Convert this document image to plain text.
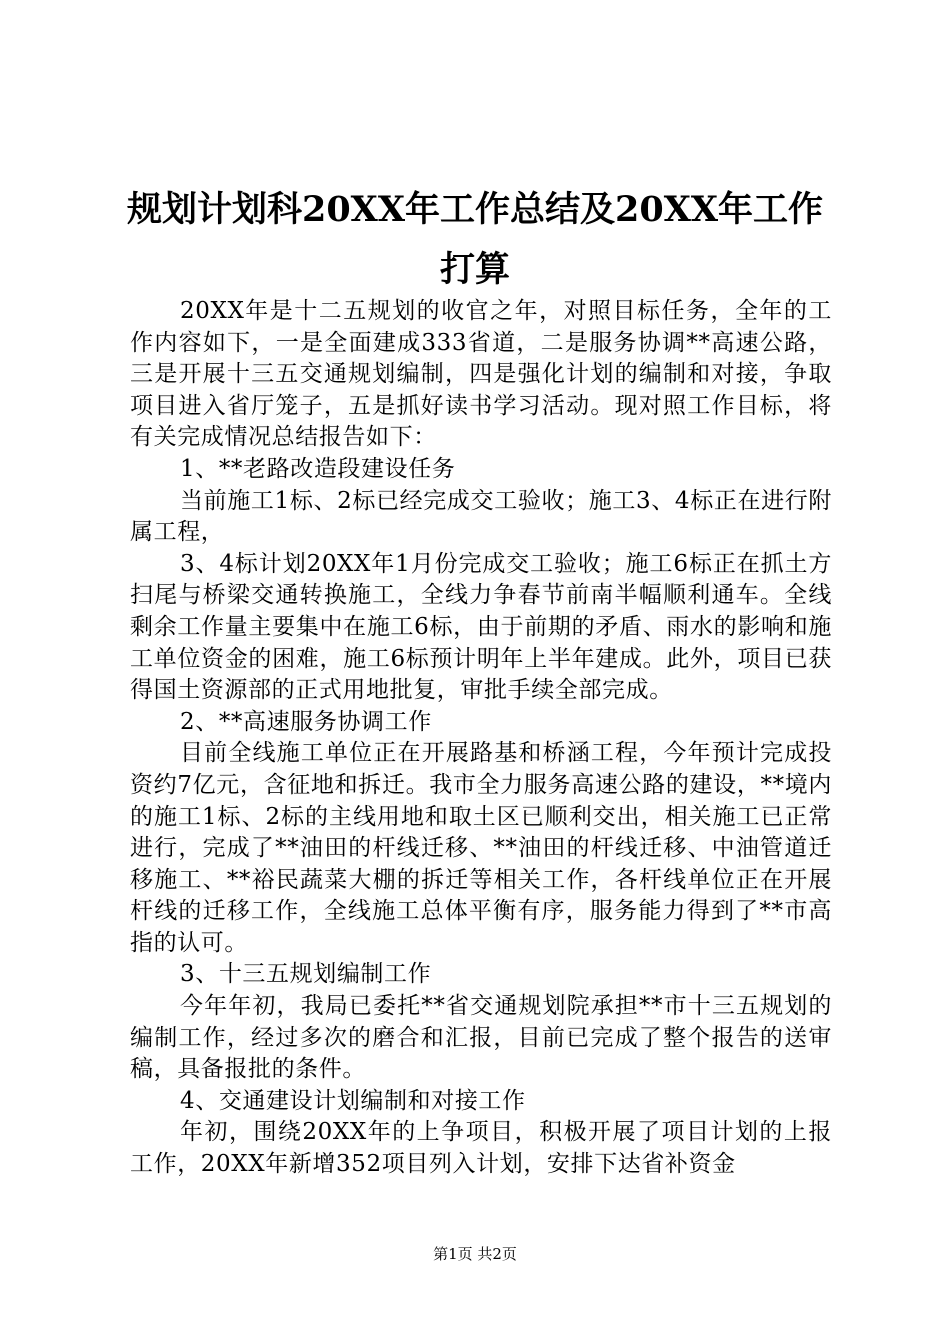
规划计划科20XX年工作总结及20XX年工作打算

20XX年是十二五规划的收官之年，对照目标任务，全年的工作内容如下，一是全面建成333省道，二是服务协调**高速公路，三是开展十三五交通规划编制，四是强化计划的编制和对接，争取项目进入省厅笼子，五是抓好读书学习活动。现对照工作目标，将有关完成情况总结报告如下：

1、**老路改造段建设任务

当前施工1标、2标已经完成交工验收；施工3、4标正在进行附属工程，

3、4标计划20XX年1月份完成交工验收；施工6标正在抓土方扫尾与桥梁交通转换施工，全线力争春节前南半幅顺利通车。全线剩余工作量主要集中在施工6标，由于前期的矛盾、雨水的影响和施工单位资金的困难，施工6标预计明年上半年建成。此外，项目已获得国土资源部的正式用地批复，审批手续全部完成。

2、**高速服务协调工作

目前全线施工单位正在开展路基和桥涵工程，今年预计完成投资约7亿元，含征地和拆迁。我市全力服务高速公路的建设，**境内的施工1标、2标的主线用地和取土区已顺利交出，相关施工已正常进行，完成了**油田的杆线迁移、**油田的杆线迁移、中油管道迁移施工、**裕民蔬菜大棚的拆迁等相关工作，各杆线单位正在开展杆线的迁移工作，全线施工总体平衡有序，服务能力得到了**市高指的认可。

3、十三五规划编制工作

今年年初，我局已委托**省交通规划院承担**市十三五规划的编制工作，经过多次的磨合和汇报，目前已完成了整个报告的送审稿，具备报批的条件。

4、交通建设计划编制和对接工作

年初，围绕20XX年的上争项目，积极开展了项目计划的上报工作，20XX年新增352项目列入计划，安排下达省补资金

第1页 共2页
